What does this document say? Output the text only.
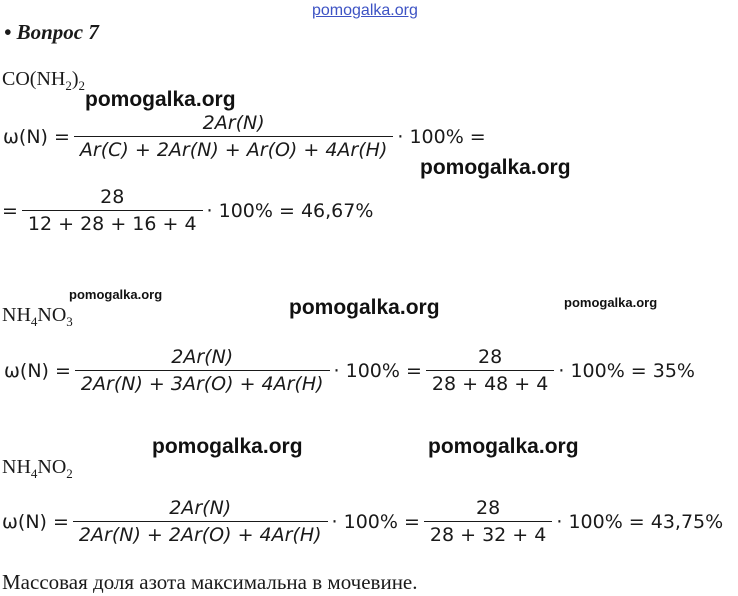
pomogalka.org
• Вопрос 7
$CO(NH_2)_2$
pomogalka.org
$\omega(N) = \frac{2Ar(N)}{Ar(C) + 2Ar(N) + Ar(O) + 4Ar(H)} \cdot 100\%$ =
pomogalka.org
= $\frac{28}{12 + 28 + 16 + 4} \cdot 100\% = 46,67\%$
pomogalka.org
pomogalka.org	pomogalka.org
$NH_4NO_3$
$\omega(N) = \frac{2Ar(N)}{2Ar(N) + 3Ar(O) + 4Ar(H)} \cdot 100\% = \frac{28}{28 + 48 + 4} \cdot 100\% = 35\%$
pomogalka.org	pomogalka.org
$NH_4NO_2$
$\omega(N) = \frac{2Ar(N)}{2Ar(N) + 2Ar(O) + 4Ar(H)} \cdot 100\% = \frac{28}{28 + 32 + 4} \cdot 100\% = 43,75\%$
Массовая доля азота максимальна в мочевине.
